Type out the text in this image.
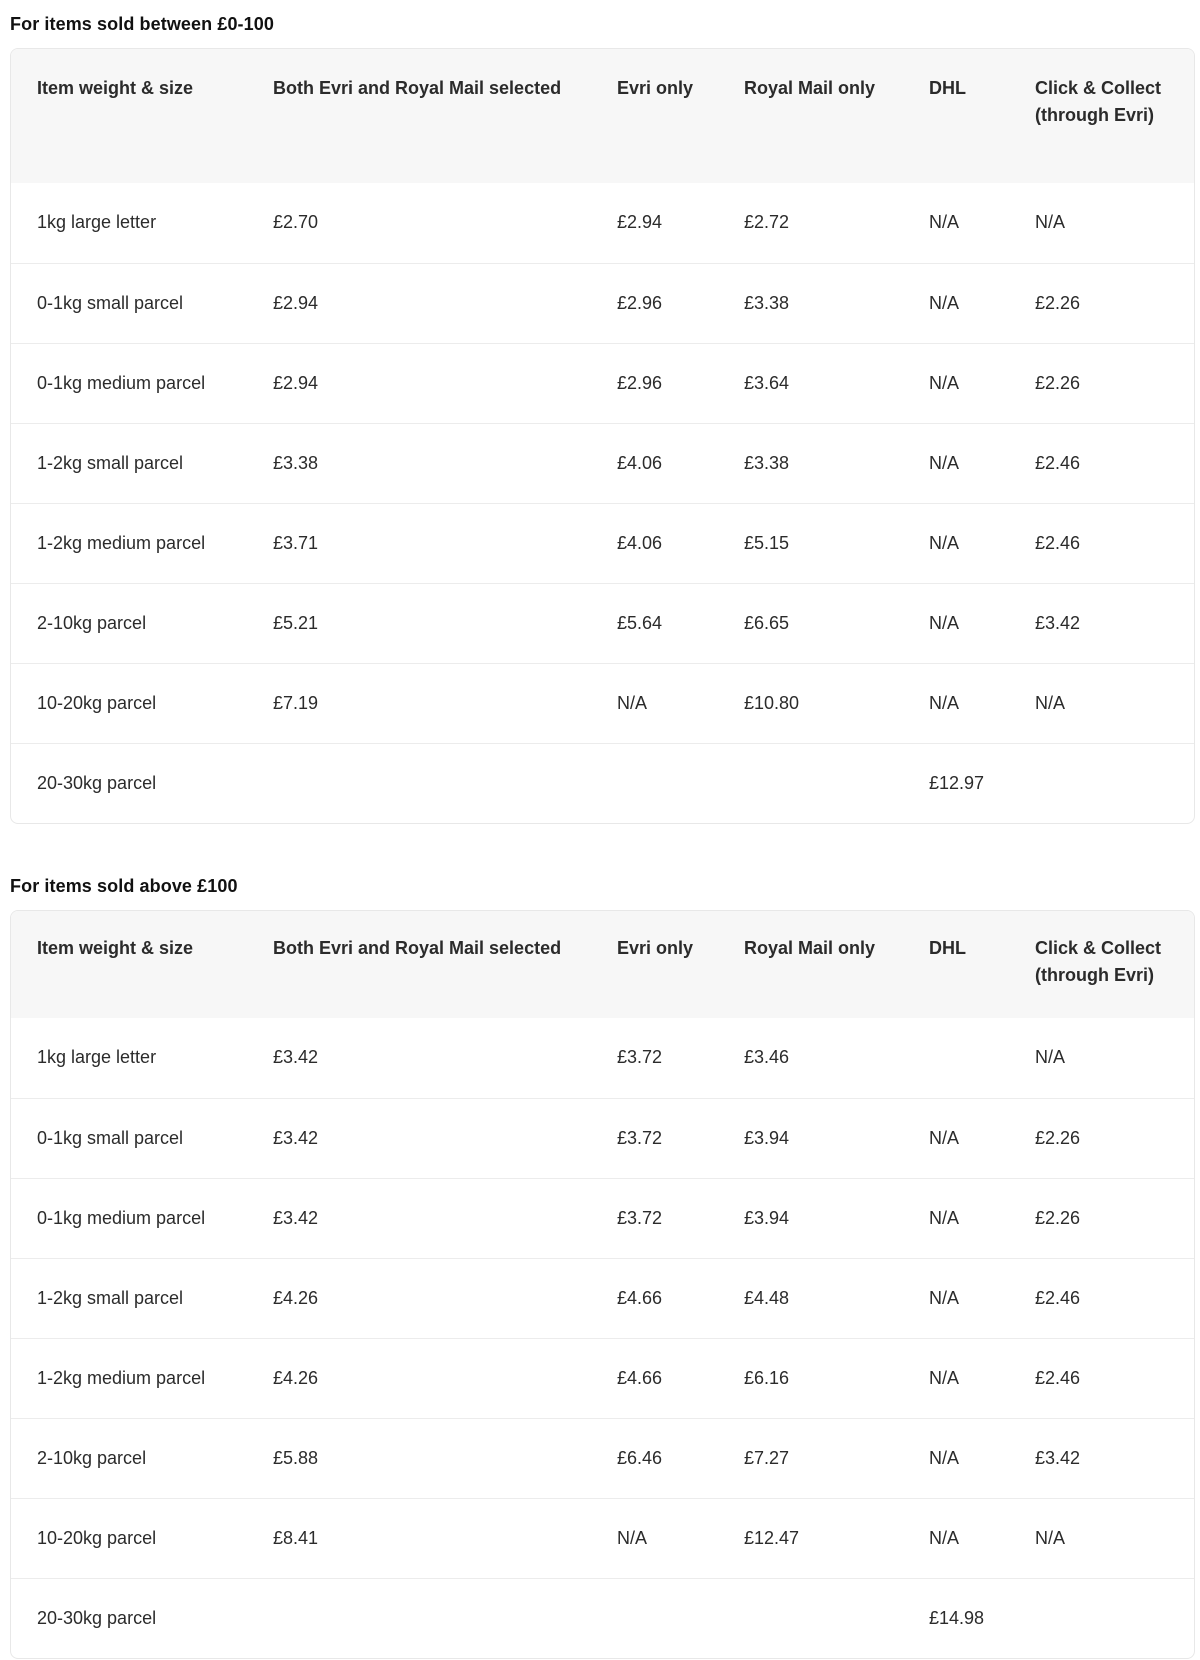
For items sold between £0-100
Item weight & size	Both Evri and Royal Mail selected	Evri only	Royal Mail only	DHL	Click & Collect (through Evri)
1kg large letter	£2.70	£2.94	£2.72	N/A	N/A
0-1kg small parcel	£2.94	£2.96	£3.38	N/A	£2.26
0-1kg medium parcel	£2.94	£2.96	£3.64	N/A	£2.26
1-2kg small parcel	£3.38	£4.06	£3.38	N/A	£2.46
1-2kg medium parcel	£3.71	£4.06	£5.15	N/A	£2.46
2-10kg parcel	£5.21	£5.64	£6.65	N/A	£3.42
10-20kg parcel	£7.19	N/A	£10.80	N/A	N/A
20-30kg parcel				£12.97	
For items sold above £100
Item weight & size	Both Evri and Royal Mail selected	Evri only	Royal Mail only	DHL	Click & Collect (through Evri)
1kg large letter	£3.42	£3.72	£3.46		N/A
0-1kg small parcel	£3.42	£3.72	£3.94	N/A	£2.26
0-1kg medium parcel	£3.42	£3.72	£3.94	N/A	£2.26
1-2kg small parcel	£4.26	£4.66	£4.48	N/A	£2.46
1-2kg medium parcel	£4.26	£4.66	£6.16	N/A	£2.46
2-10kg parcel	£5.88	£6.46	£7.27	N/A	£3.42
10-20kg parcel	£8.41	N/A	£12.47	N/A	N/A
20-30kg parcel				£14.98	
